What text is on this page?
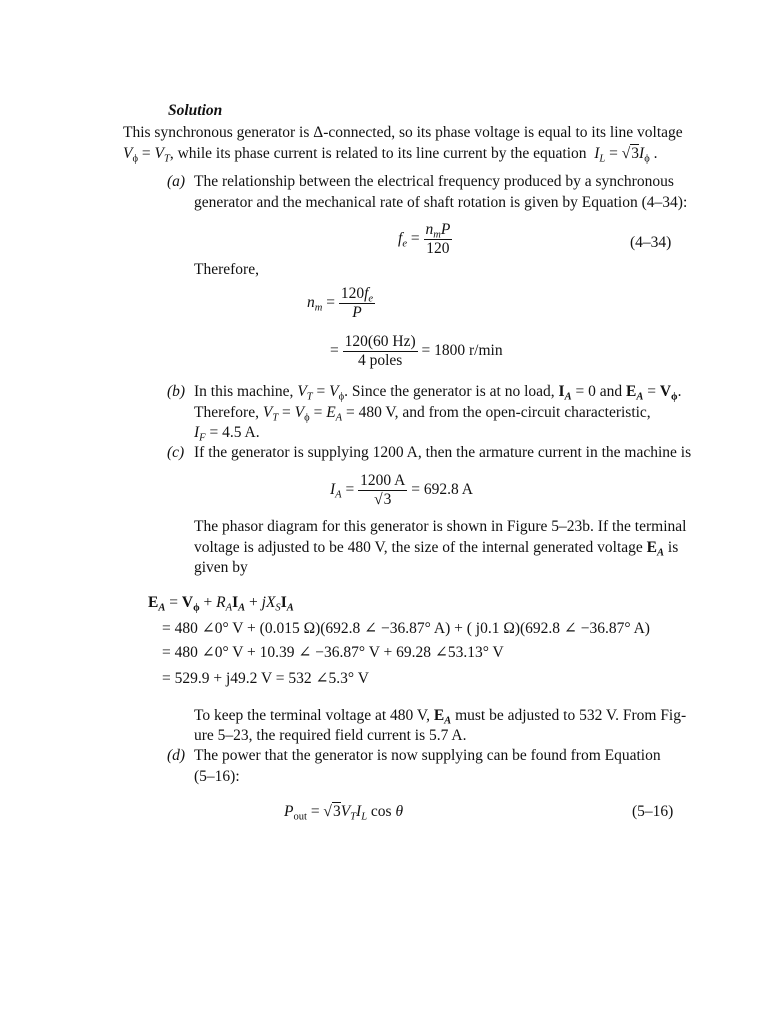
Solution
This synchronous generator is Δ-connected, so its phase voltage is equal to its line voltage
$V_\phi = V_T$, while its phase current is related to its line current by the equation $I_L = √3I_\phi$ .
(a) The relationship between the electrical frequency produced by a synchronous
generator and the mechanical rate of shaft rotation is given by Equation (4–34):
$f_e = \frac{n_mP}{120}$	(4–34)
Therefore,
$n_m = \frac{120f_e}{P}$
= $\frac{120(60 Hz)}{\text{4 poles}} = 1800$ r/min
(b) In this machine, $V_T = V_\phi$. Since the generator is at no load, $I_A = 0$ and $E_A = V_\phi$.
Therefore, $V_T = V_\phi = E_A = 480$ V, and from the open-circuit characteristic,
$I_F = 4.5$ A.
(c) If the generator is supplying 1200 A, then the armature current in the machine is
$I_A = \frac{1200 A}{√3} = 692.8$ A
The phasor diagram for this generator is shown in Figure 5–23b. If the terminal
voltage is adjusted to be 480 V, the size of the internal generated voltage $E_A$ is
given by
$E_A = V_\phi + R_AI_A + jX_SI_A$
= 480 ∠0° V + (0.015 Ω)(692.8 ∠ −36.87° A) + ( j0.1 Ω)(692.8 ∠ −36.87° A)
= 480 ∠0° V + 10.39 ∠ −36.87° V + 69.28 ∠53.13° V
= 529.9 + j49.2 V = 532 ∠5.3° V
To keep the terminal voltage at 480 V, $E_A$ must be adjusted to 532 V. From Fig-
ure 5–23, the required field current is 5.7 A.
(d) The power that the generator is now supplying can be found from Equation
(5–16):
$P_{out} = √3V_TI_L$ cos θ	(5–16)
